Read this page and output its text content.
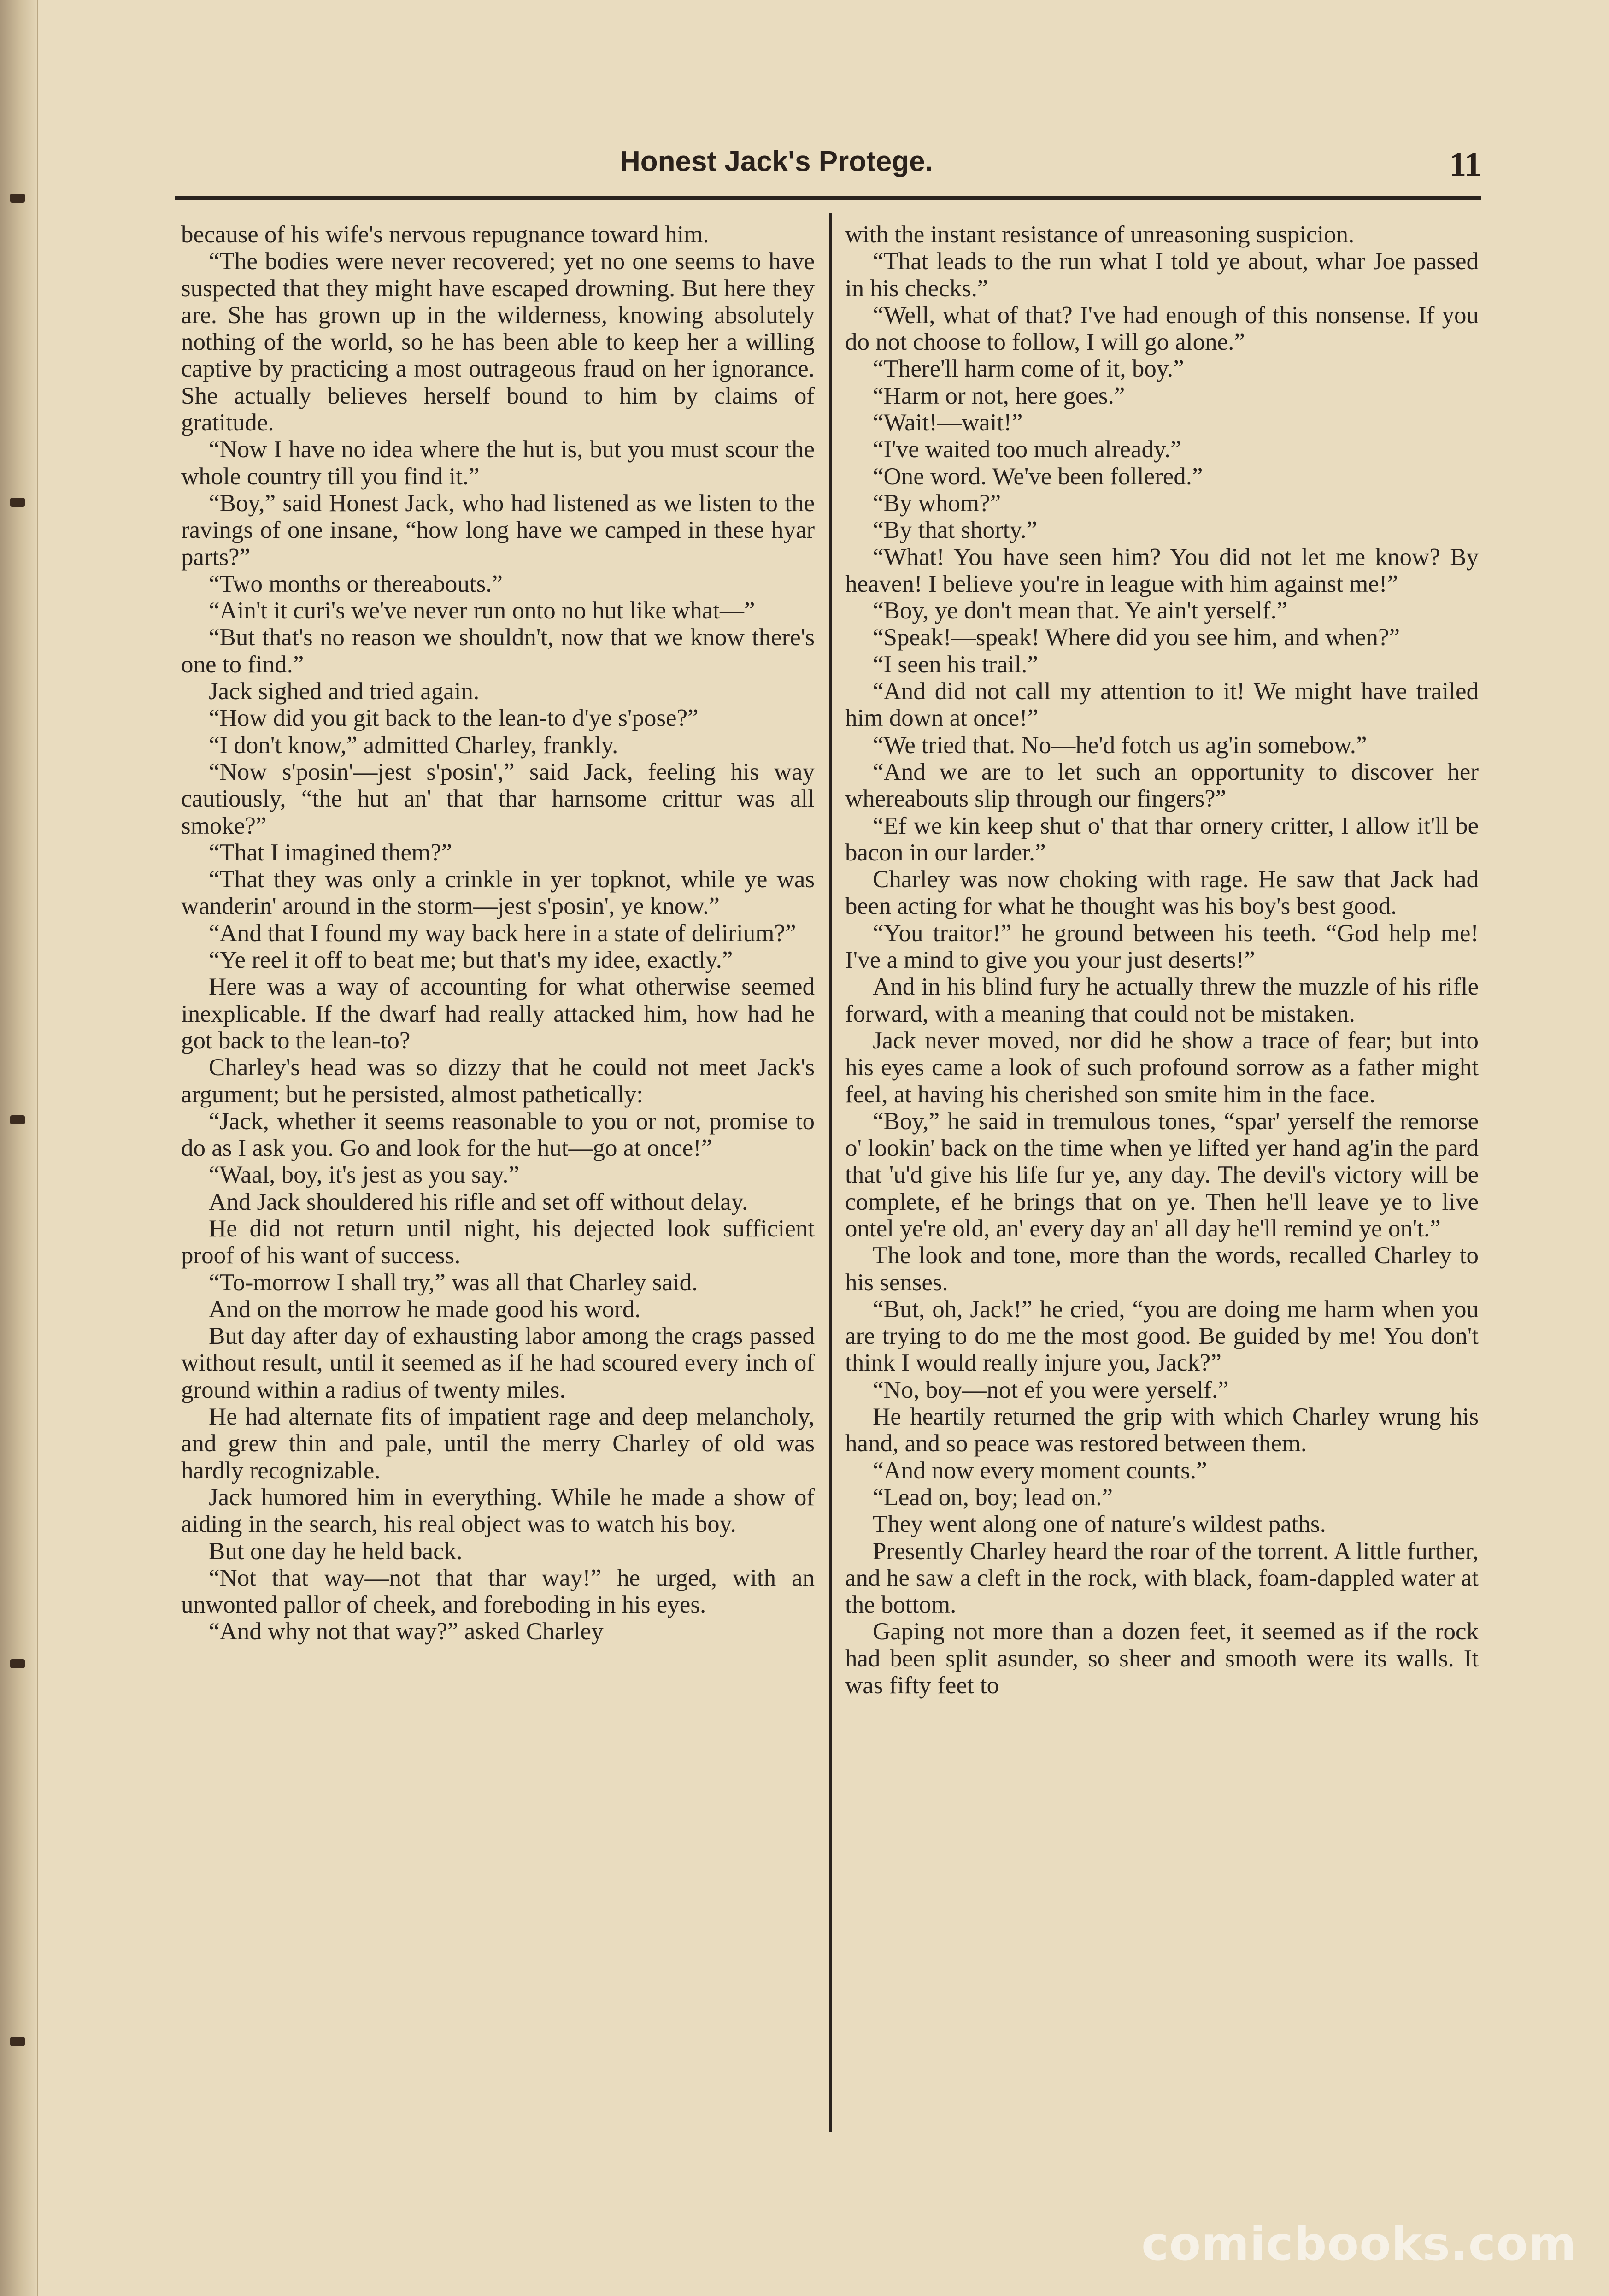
Honest Jack's Protege.	11

because of his wife's nervous repugnance toward him.

“The bodies were never recovered; yet no one seems to have suspected that they might have escaped drowning. But here they are. She has grown up in the wilderness, knowing absolutely nothing of the world, so he has been able to keep her a willing captive by practicing a most outrageous fraud on her ignorance. She actually believes herself bound to him by claims of gratitude.

“Now I have no idea where the hut is, but you must scour the whole country till you find it.”

“Boy,” said Honest Jack, who had listened as we listen to the ravings of one insane, “how long have we camped in these hyar parts?”

“Two months or thereabouts.”

“Ain't it curi's we've never run onto no hut like what—”

“But that's no reason we shouldn't, now that we know there's one to find.”

Jack sighed and tried again.

“How did you git back to the lean-to d'ye s'pose?”

“I don't know,” admitted Charley, frankly.

“Now s'posin'—jest s'posin',” said Jack, feeling his way cautiously, “the hut an' that thar harnsome crittur was all smoke?”

“That I imagined them?”

“That they was only a crinkle in yer topknot, while ye was wanderin' around in the storm—jest s'posin', ye know.”

“And that I found my way back here in a state of delirium?”

“Ye reel it off to beat me; but that's my idee, exactly.”

Here was a way of accounting for what otherwise seemed inexplicable. If the dwarf had really attacked him, how had he got back to the lean-to?

Charley's head was so dizzy that he could not meet Jack's argument; but he persisted, almost pathetically:

“Jack, whether it seems reasonable to you or not, promise to do as I ask you. Go and look for the hut—go at once!”

“Waal, boy, it's jest as you say.”

And Jack shouldered his rifle and set off without delay.

He did not return until night, his dejected look sufficient proof of his want of success.

“To-morrow I shall try,” was all that Charley said.

And on the morrow he made good his word.

But day after day of exhausting labor among the crags passed without result, until it seemed as if he had scoured every inch of ground within a radius of twenty miles.

He had alternate fits of impatient rage and deep melancholy, and grew thin and pale, until the merry Charley of old was hardly recognizable.

Jack humored him in everything. While he made a show of aiding in the search, his real object was to watch his boy.

But one day he held back.

“Not that way—not that thar way!” he urged, with an unwonted pallor of cheek, and foreboding in his eyes.

“And why not that way?” asked Charley

with the instant resistance of unreasoning suspicion.

“That leads to the run what I told ye about, whar Joe passed in his checks.”

“Well, what of that? I've had enough of this nonsense. If you do not choose to follow, I will go alone.”

“There'll harm come of it, boy.”

“Harm or not, here goes.”

“Wait!—wait!”

“I've waited too much already.”

“One word. We've been follered.”

“By whom?”

“By that shorty.”

“What! You have seen him? You did not let me know? By heaven! I believe you're in league with him against me!”

“Boy, ye don't mean that. Ye ain't yerself.”

“Speak!—speak! Where did you see him, and when?”

“I seen his trail.”

“And did not call my attention to it! We might have trailed him down at once!”

“We tried that. No—he'd fotch us ag'in somebow.”

“And we are to let such an opportunity to discover her whereabouts slip through our fingers?”

“Ef we kin keep shut o' that thar ornery critter, I allow it'll be bacon in our larder.”

Charley was now choking with rage. He saw that Jack had been acting for what he thought was his boy's best good.

“You traitor!” he ground between his teeth. “God help me! I've a mind to give you your just deserts!”

And in his blind fury he actually threw the muzzle of his rifle forward, with a meaning that could not be mistaken.

Jack never moved, nor did he show a trace of fear; but into his eyes came a look of such profound sorrow as a father might feel, at having his cherished son smite him in the face.

“Boy,” he said in tremulous tones, “spar' yerself the remorse o' lookin' back on the time when ye lifted yer hand ag'in the pard that 'u'd give his life fur ye, any day. The devil's victory will be complete, ef he brings that on ye. Then he'll leave ye to live ontel ye're old, an' every day an' all day he'll remind ye on't.”

The look and tone, more than the words, recalled Charley to his senses.

“But, oh, Jack!” he cried, “you are doing me harm when you are trying to do me the most good. Be guided by me! You don't think I would really injure you, Jack?”

“No, boy—not ef you were yerself.”

He heartily returned the grip with which Charley wrung his hand, and so peace was restored between them.

“And now every moment counts.”

“Lead on, boy; lead on.”

They went along one of nature's wildest paths.

Presently Charley heard the roar of the torrent. A little further, and he saw a cleft in the rock, with black, foam-dappled water at the bottom.

Gaping not more than a dozen feet, it seemed as if the rock had been split asunder, so sheer and smooth were its walls. It was fifty feet to

comicbooks.com
